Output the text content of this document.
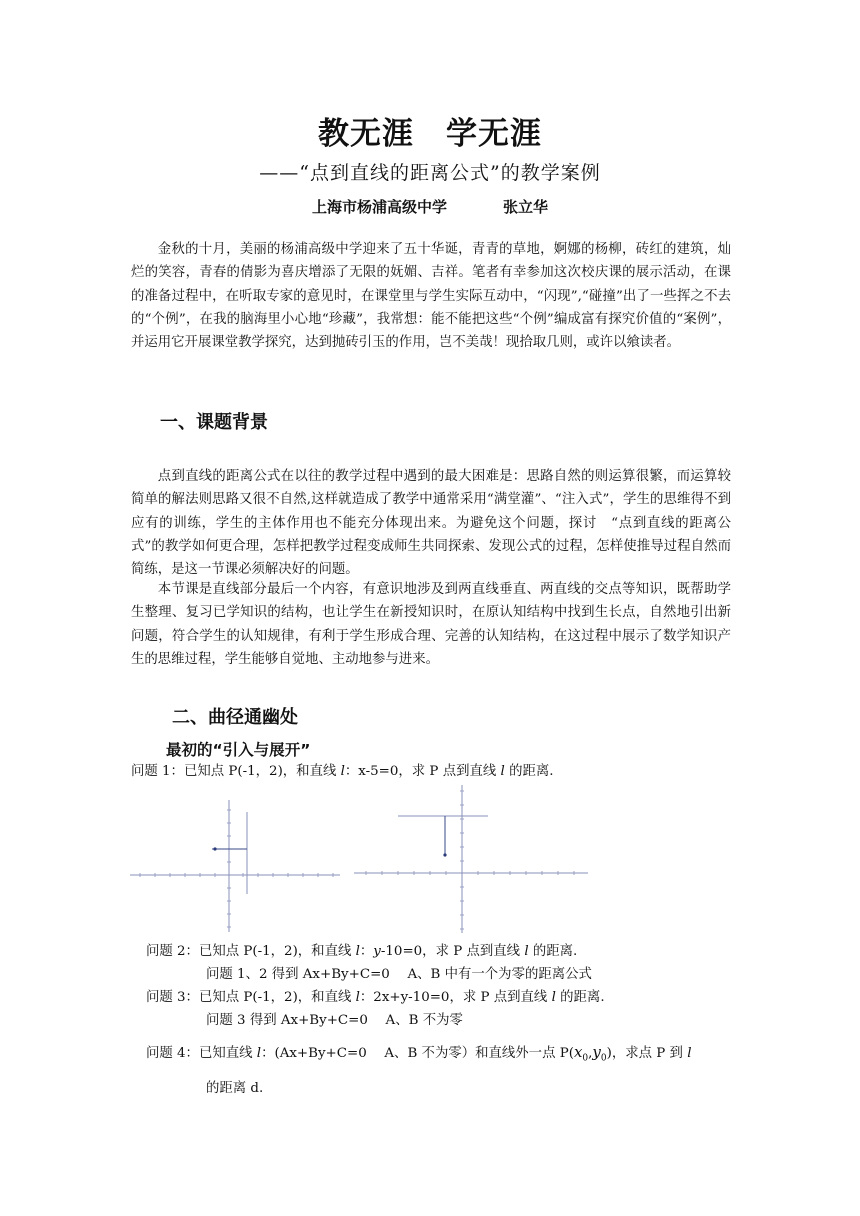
教无涯　学无涯
——“点到直线的距离公式”的教学案例
上海市杨浦高级中学	张立华
金秋的十月，美丽的杨浦高级中学迎来了五十华诞，青青的草地，婀娜的杨柳，砖红的建筑，灿烂的笑容，青春的倩影为喜庆增添了无限的妩媚、吉祥。笔者有幸参加这次校庆课的展示活动，在课的准备过程中，在听取专家的意见时，在课堂里与学生实际互动中，“闪现”,“碰撞”出了一些挥之不去的“个例”，在我的脑海里小心地“珍藏”，我常想：能不能把这些“个例”编成富有探究价值的“案例”，并运用它开展课堂教学探究，达到抛砖引玉的作用，岂不美哉！现拾取几则，或许以飨读者。
一、课题背景
点到直线的距离公式在以往的教学过程中遇到的最大困难是：思路自然的则运算很繁，而运算较简单的解法则思路又很不自然,这样就造成了教学中通常采用“满堂灌”、“注入式”，学生的思维得不到应有的训练，学生的主体作用也不能充分体现出来。为避免这个问题，探讨　“点到直线的距离公式”的教学如何更合理，怎样把教学过程变成师生共同探索、发现公式的过程，怎样使推导过程自然而简练，是这一节课必须解决好的问题。
本节课是直线部分最后一个内容，有意识地涉及到两直线垂直、两直线的交点等知识，既帮助学生整理、复习已学知识的结构，也让学生在新授知识时，在原认知结构中找到生长点，自然地引出新问题，符合学生的认知规律，有利于学生形成合理、完善的认知结构，在这过程中展示了数学知识产生的思维过程，学生能够自觉地、主动地参与进来。
二、曲径通幽处
最初的“引入与展开”
问题 1：已知点 P(-1，2)，和直线 l：x-5=0，求 P 点到直线 l 的距离.
问题 2：已知点 P(-1，2)，和直线 l：y-10=0，求 P 点到直线 l 的距离.
问题 1、2 得到 Ax+By+C=0　 A、B 中有一个为零的距离公式
问题 3：已知点 P(-1，2)，和直线 l：2x+y-10=0，求 P 点到直线 l 的距离.
问题 3 得到 Ax+By+C=0　 A、B 不为零
问题 4：已知直线 l：(Ax+By+C=0　 A、B 不为零）和直线外一点 $P(x_0,y_0)$，求点 P 到 l
的距离 d.
